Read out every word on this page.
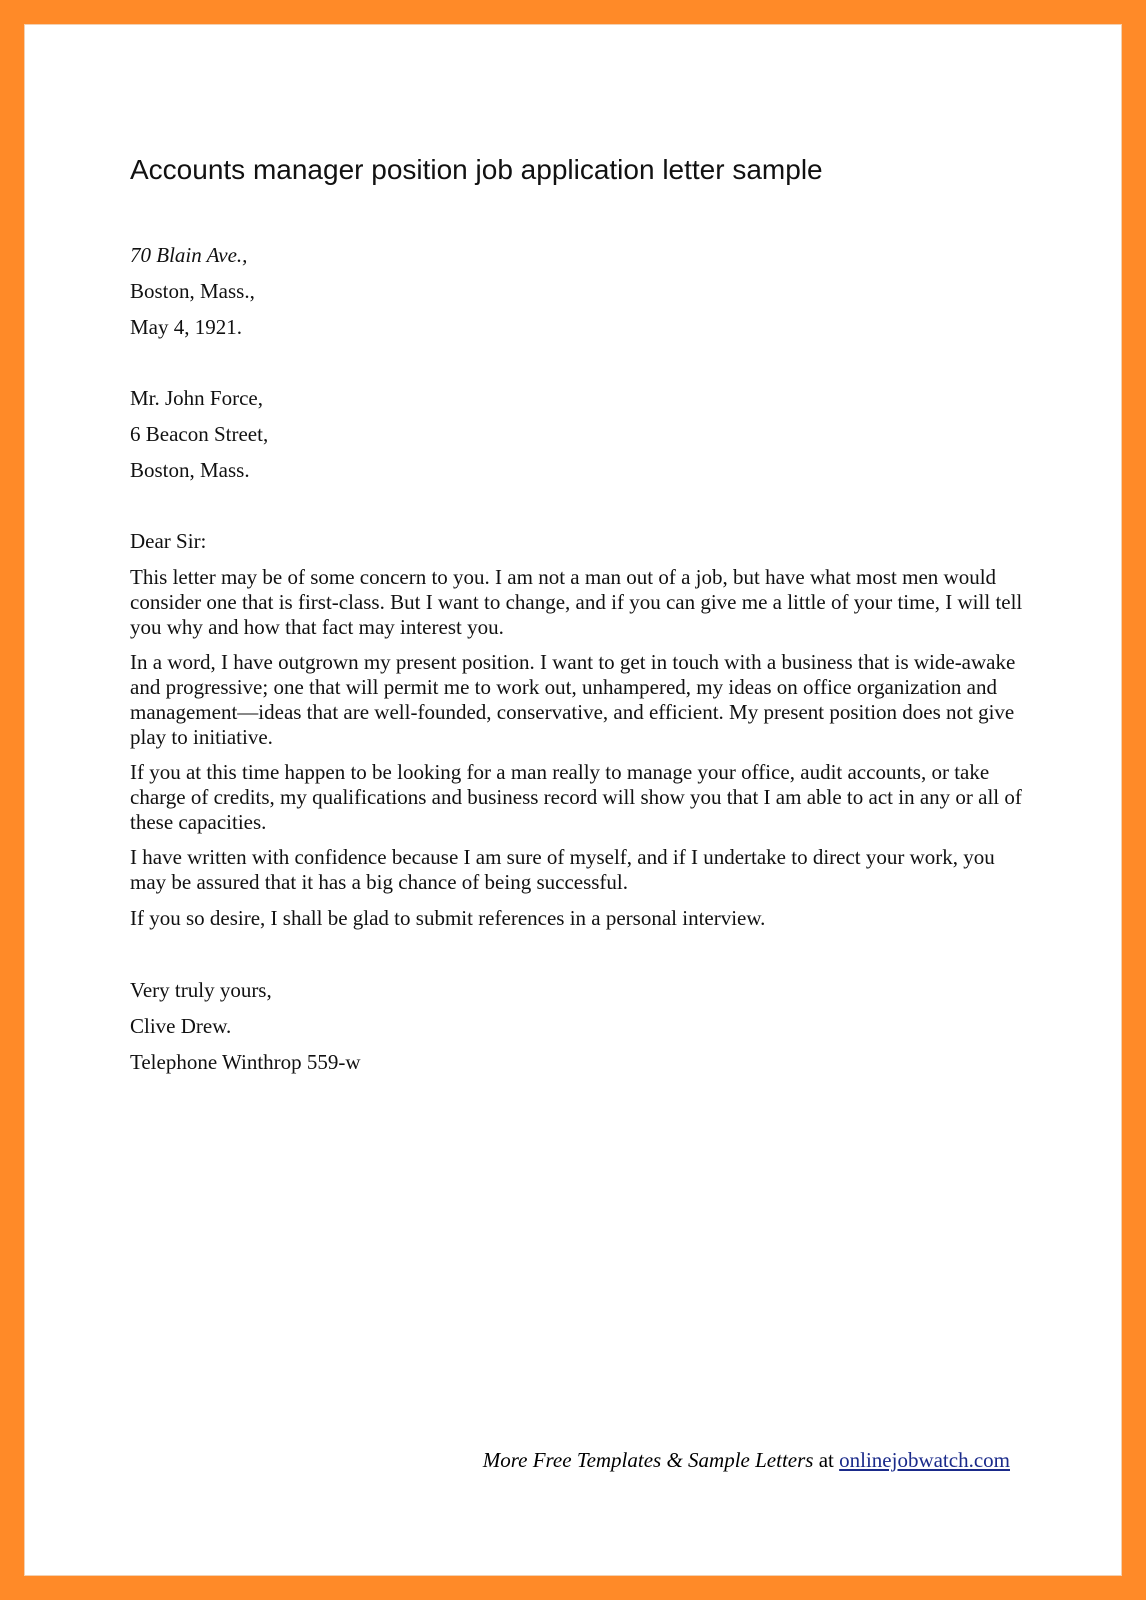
Accounts manager position job application letter sample
70 Blain Ave.,
Boston, Mass.,
May 4, 1921.
Mr. John Force,
6 Beacon Street,
Boston, Mass.
Dear Sir:

This letter may be of some concern to you. I am not a man out of a job, but have what most men would consider one that is first-class. But I want to change, and if you can give me a little of your time, I will tell you why and how that fact may interest you.

In a word, I have outgrown my present position. I want to get in touch with a business that is wide-awake and progressive; one that will permit me to work out, unhampered, my ideas on office organization and management—ideas that are well-founded, conservative, and efficient. My present position does not give play to initiative.

If you at this time happen to be looking for a man really to manage your office, audit accounts, or take charge of credits, my qualifications and business record will show you that I am able to act in any or all of these capacities.

I have written with confidence because I am sure of myself, and if I undertake to direct your work, you may be assured that it has a big chance of being successful.

If you so desire, I shall be glad to submit references in a personal interview.

Very truly yours,
Clive Drew.
Telephone Winthrop 559-w
More Free Templates & Sample Letters at onlinejobwatch.com
